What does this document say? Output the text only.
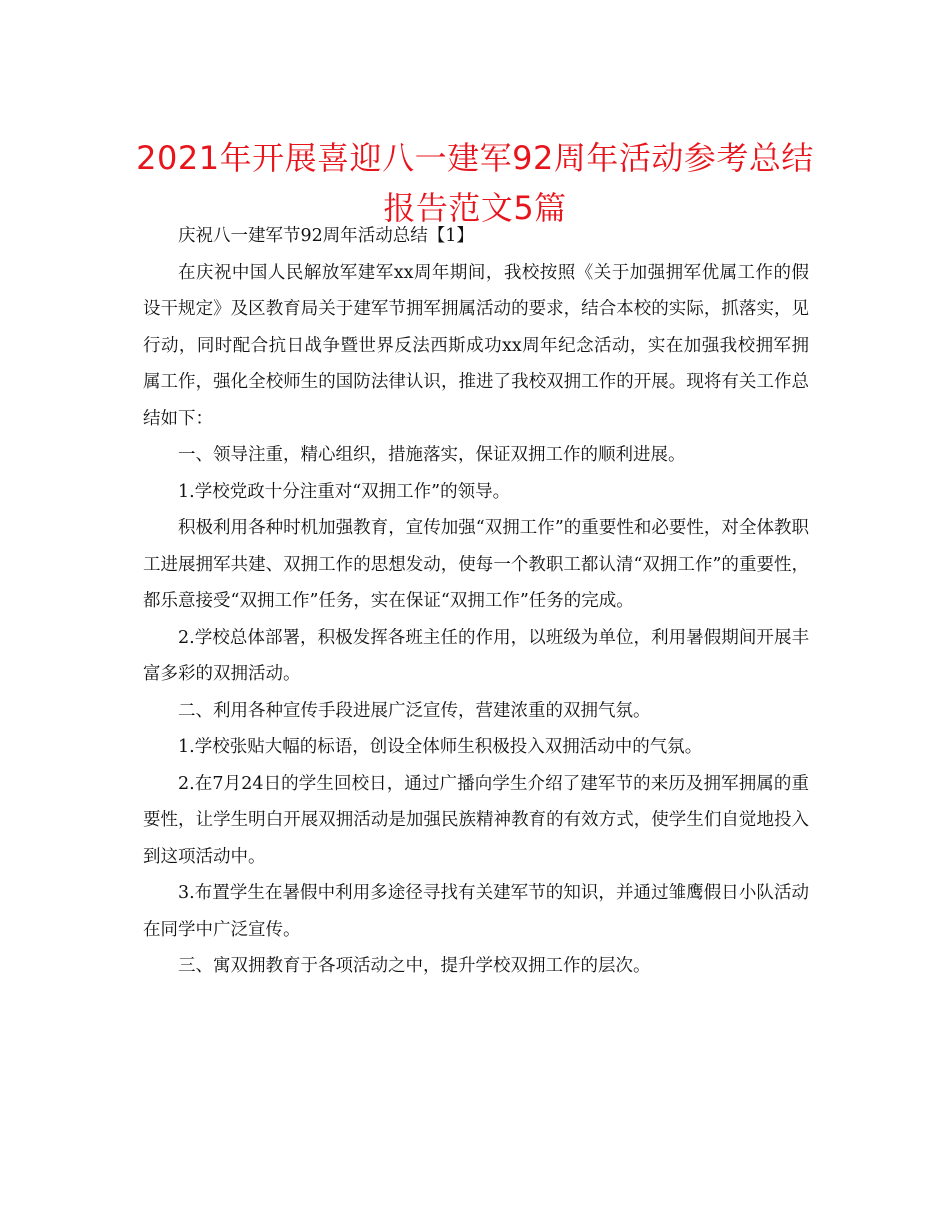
2021年开展喜迎八一建军92周年活动参考总结报告范文5篇

庆祝八一建军节92周年活动总结【1】

在庆祝中国人民解放军建军xx周年期间，我校按照《关于加强拥军优属工作的假设干规定》及区教育局关于建军节拥军拥属活动的要求，结合本校的实际，抓落实，见行动，同时配合抗日战争暨世界反法西斯成功xx周年纪念活动，实在加强我校拥军拥属工作，强化全校师生的国防法律认识，推进了我校双拥工作的开展。现将有关工作总结如下：

一、领导注重，精心组织，措施落实，保证双拥工作的顺利进展。

1.学校党政十分注重对“双拥工作”的领导。

积极利用各种时机加强教育，宣传加强“双拥工作”的重要性和必要性，对全体教职工进展拥军共建、双拥工作的思想发动，使每一个教职工都认清“双拥工作”的重要性，都乐意接受“双拥工作”任务，实在保证“双拥工作”任务的完成。

2.学校总体部署，积极发挥各班主任的作用，以班级为单位，利用暑假期间开展丰富多彩的双拥活动。

二、利用各种宣传手段进展广泛宣传，营建浓重的双拥气氛。

1.学校张贴大幅的标语，创设全体师生积极投入双拥活动中的气氛。

2.在7月24日的学生回校日，通过广播向学生介绍了建军节的来历及拥军拥属的重要性，让学生明白开展双拥活动是加强民族精神教育的有效方式，使学生们自觉地投入到这项活动中。

3.布置学生在暑假中利用多途径寻找有关建军节的知识，并通过雏鹰假日小队活动在同学中广泛宣传。

三、寓双拥教育于各项活动之中，提升学校双拥工作的层次。
